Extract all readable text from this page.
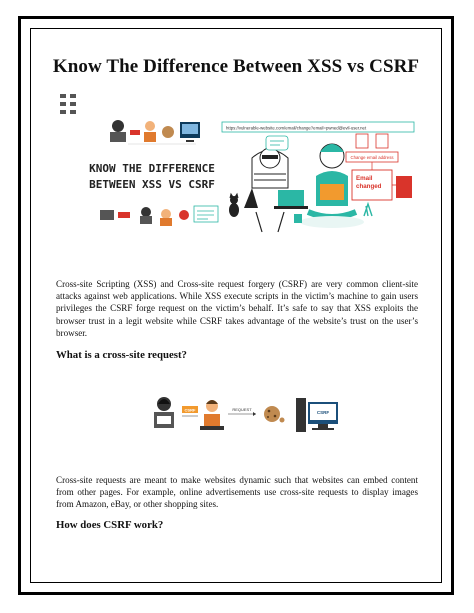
Know The Difference Between XSS vs CSRF
KNOW THE DIFFERENCE
BETWEEN XSS VS CSRF
https://vulnerable-website.com/email/change?email=pwned@evil-user.net
Change email address
Email
changed
Cross-site Scripting (XSS) and Cross-site request forgery (CSRF) are very common client-site attacks against web applications. While XSS execute scripts in the victim’s machine to gain users privileges the CSRF forge request on the victim’s behalf. It’s safe to say that XSS exploits the browser trust in a legit website while CSRF takes advantage of the website’s trust on the user’s browser.
What is a cross-site request?
CSRF	REQUEST
CSRF
Cross-site requests are meant to make websites dynamic such that websites can embed content from other pages. For example, online advertisements use cross-site requests to display images from Amazon, eBay, or other shopping sites.
How does CSRF work?
